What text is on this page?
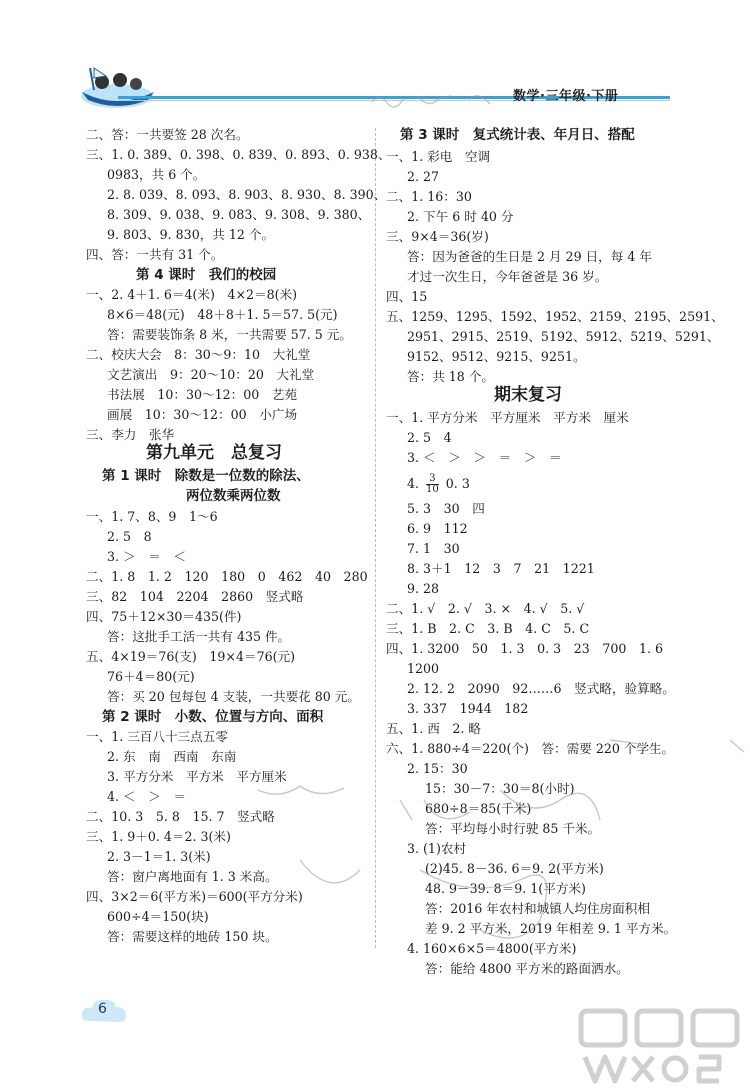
数学·三年级·下册
二、答：一共要签 28 次名。
三、1. 0. 389、0. 398、0. 839、0. 893、0. 938、
0983，共 6 个。
2. 8. 039、8. 093、8. 903、8. 930、8. 390、
8. 309、9. 038、9. 083、9. 308、9. 380、
9. 803、9. 830，共 12 个。
四、答：一共有 31 个。
第 4 课时　我们的校园
一、2. 4＋1. 6＝4(米)　4×2＝8(米)
8×6＝48(元)　48＋8＋1. 5＝57. 5(元)
答：需要装饰条 8 米，一共需要 57. 5 元。
二、校庆大会　8：30～9：10　大礼堂
文艺演出　9：20～10：20　大礼堂
书法展　10：30～12：00　艺苑
画展　10：30～12：00　小广场
三、李力　张华
第九单元　总复习
第 1 课时　除数是一位数的除法、
两位数乘两位数
一、1. 7、8、9　1～6
2. 5　8
3. ＞　＝　＜
二、1. 8　1. 2　120　180　0　462　40　280
三、82　104　2204　2860　竖式略
四、75＋12×30＝435(件)
答：这批手工活一共有 435 件。
五、4×19＝76(支)　19×4＝76(元)
76＋4＝80(元)
答：买 20 包每包 4 支装，一共要花 80 元。
第 2 课时　小数、位置与方向、面积
一、1. 三百八十三点五零
2. 东　南　西南　东南
3. 平方分米　平方米　平方厘米
4. ＜　＞　＝
二、10. 3　5. 8　15. 7　竖式略
三、1. 9＋0. 4＝2. 3(米)
2. 3－1＝1. 3(米)
答：窗户离地面有 1. 3 米高。
四、3×2＝6(平方米)＝600(平方分米)
600÷4＝150(块)
答：需要这样的地砖 150 块。
第 3 课时　复式统计表、年月日、搭配
一、1. 彩电　空调
2. 27
二、1. 16：30
2. 下午 6 时 40 分
三、9×4＝36(岁)
答：因为爸爸的生日是 2 月 29 日，每 4 年
才过一次生日，今年爸爸是 36 岁。
四、15
五、1259、1295、1592、1952、2159、2195、2591、
2951、2915、2519、5192、5912、5219、5291、
9152、9512、9215、9251。
答：共 18 个。
期末复习
一、1. 平方分米　平方厘米　平方米　厘米
2. 5　4
3. ＜　＞　＞　＝　＞　＝
4. $\frac{3}{10} 0$. 3
5. 3　30　四
6. 9　112
7. 1　30
8. 3＋1　12　3　7　21　1221
9. 28
二、1. √　2. √　3. ×　4. √　5. √
三、1. B　2. C　3. B　4. C　5. C
四、1. 3200　50　1. 3　0. 3　23　700　1. 6
1200
2. 12. 2　2090　92……6　竖式略，验算略。
3. 337　1944　182
五、1. 西　2. 略
六、1. 880÷4＝220(个)　答：需要 220 个学生。
2. 15：30
15：30－7：30＝8(小时)
680÷8＝85(千米)
答：平均每小时行驶 85 千米。
3. (1)农村
(2)45. 8－36. 6＝9. 2(平方米)
48. 9－39. 8＝9. 1(平方米)
答：2016 年农村和城镇人均住房面积相
差 9. 2 平方米，2019 年相差 9. 1 平方米。
4. 160×6×5＝4800(平方米)
答：能给 4800 平方米的路面洒水。
6
